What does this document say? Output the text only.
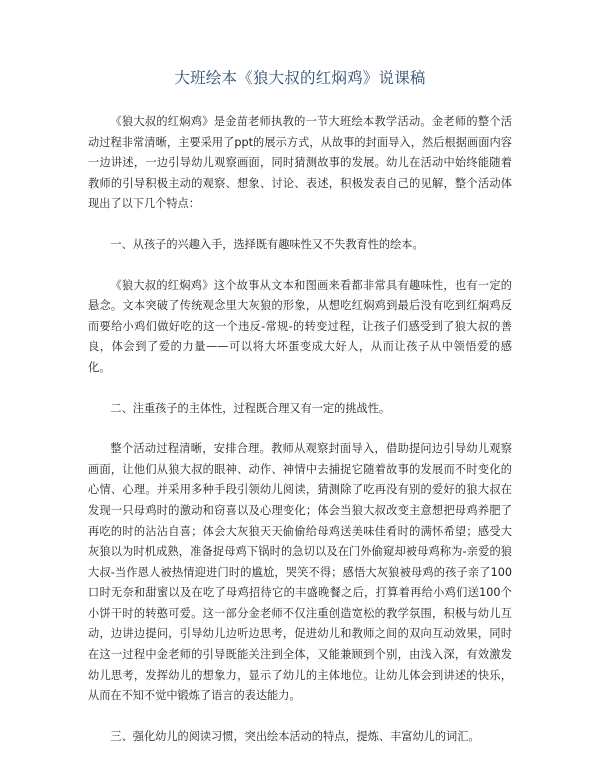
大班绘本《狼大叔的红焖鸡》说课稿

《狼大叔的红焖鸡》是金苗老师执教的一节大班绘本教学活动。金老师的整个活动过程非常清晰，主要采用了ppt的展示方式，从故事的封面导入，然后根据画面内容一边讲述，一边引导幼儿观察画面，同时猜测故事的发展。幼儿在活动中始终能随着教师的引导积极主动的观察、想象、讨论、表述，积极发表自己的见解，整个活动体现出了以下几个特点：

一、从孩子的兴趣入手，选择既有趣味性又不失教育性的绘本。

《狼大叔的红焖鸡》这个故事从文本和图画来看都非常具有趣味性，也有一定的悬念。文本突破了传统观念里大灰狼的形象，从想吃红焖鸡到最后没有吃到红焖鸡反而要给小鸡们做好吃的这一个违反-常规-的转变过程，让孩子们感受到了狼大叔的善良，体会到了爱的力量——可以将大坏蛋变成大好人，从而让孩子从中领悟爱的感化。

二、注重孩子的主体性，过程既合理又有一定的挑战性。

整个活动过程清晰，安排合理。教师从观察封面导入，借助提问边引导幼儿观察画面，让他们从狼大叔的眼神、动作、神情中去捕捉它随着故事的发展而不时变化的心情、心理。并采用多种手段引领幼儿阅读，猜测除了吃再没有别的爱好的狼大叔在发现一只母鸡时的激动和窃喜以及心理变化；体会当狼大叔改变主意想把母鸡养肥了再吃的时的沾沾自喜；体会大灰狼天天偷偷给母鸡送美味佳肴时的满怀希望；感受大灰狼以为时机成熟，准备捉母鸡下锅时的急切以及在门外偷窥却被母鸡称为-亲爱的狼大叔-当作恩人被热情迎进门时的尴尬，哭笑不得；感悟大灰狼被母鸡的孩子亲了100口时无奈和甜蜜以及在吃了母鸡招待它的丰盛晚餐之后，打算着再给小鸡们送100个小饼干时的转憨可爱。这一部分金老师不仅注重创造宽松的教学氛围，积极与幼儿互动，边讲边提问，引导幼儿边听边思考，促进幼儿和教师之间的双向互动效果，同时在这一过程中金老师的引导既能关注到全体，又能兼顾到个别，由浅入深，有效激发幼儿思考，发挥幼儿的想象力，显示了幼儿的主体地位。让幼儿体会到讲述的快乐，从而在不知不觉中锻炼了语言的表达能力。

三、强化幼儿的阅读习惯，突出绘本活动的特点，提炼、丰富幼儿的词汇。
